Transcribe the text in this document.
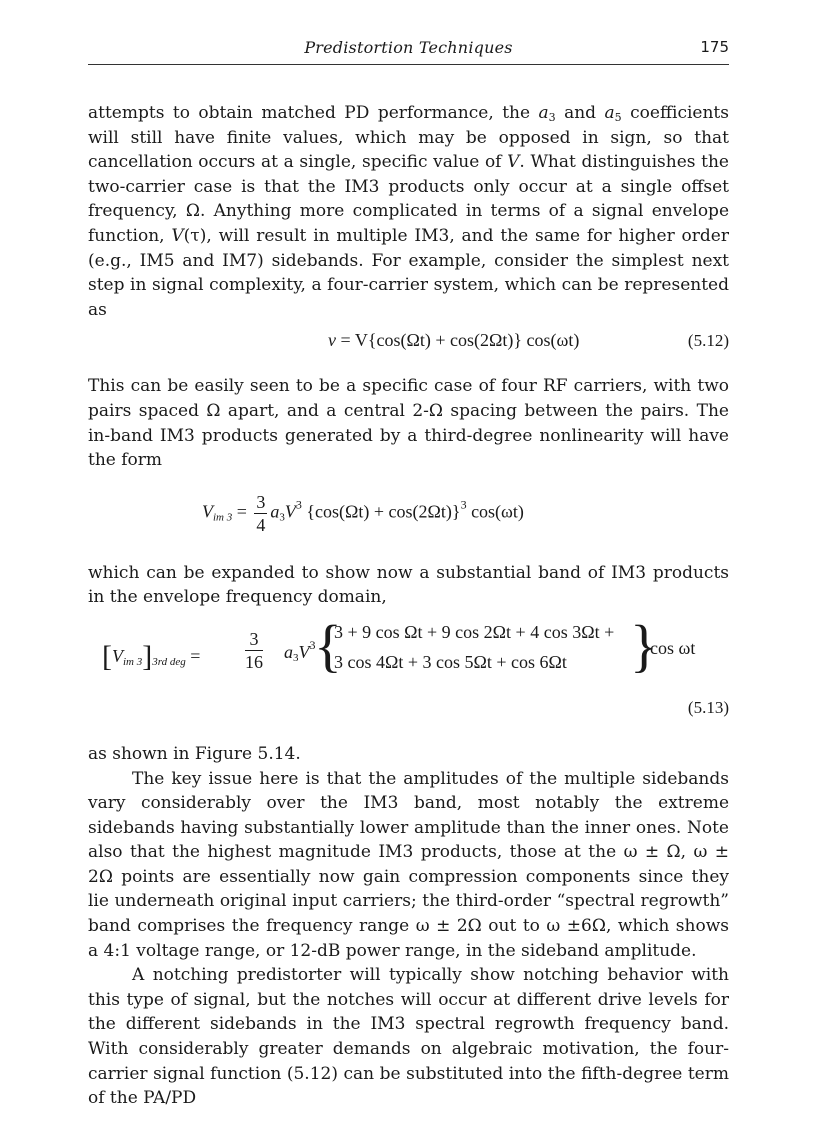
Predistortion Techniques	175

attempts to obtain matched PD performance, the $a_3$ and $a_5$ coefficients will still have finite values, which may be opposed in sign, so that cancellation occurs at a single, specific value of V. What distinguishes the two-carrier case is that the IM3 products only occur at a single offset frequency, Ω. Anything more complicated in terms of a signal envelope function, V(τ), will result in multiple IM3, and the same for higher order (e.g., IM5 and IM7) sidebands. For example, consider the simplest next step in signal complexity, a four-carrier system, which can be represented as

v = V{cos(Ωt) + cos(2Ωt)} cos(ωt)	(5.12)

This can be easily seen to be a specific case of four RF carriers, with two pairs spaced Ω apart, and a central 2-Ω spacing between the pairs. The in-band IM3 products generated by a third-degree nonlinearity will have the form

$V_{im 3} = \frac{3}{4} a_3V^3$ $\{\cos(\Omega t) + \cos(2\Omega t)\}^3$ cos(ωt)

which can be expanded to show now a substantial band of IM3 products in the envelope frequency domain,

$[V_{im 3}]_{3rd deg} = \frac{3}{16} a_3V^3$
{
3 + 9 cos Ωt + 9 cos 2Ωt + 4 cos 3Ωt +
3 cos 4Ωt + 3 cos 5Ωt + cos 6Ωt }
cos ωt
(5.13)

as shown in Figure 5.14.

The key issue here is that the amplitudes of the multiple sidebands vary considerably over the IM3 band, most notably the extreme sidebands having substantially lower amplitude than the inner ones. Note also that the highest magnitude IM3 products, those at the ω ± Ω, ω ± 2Ω points are essentially now gain compression components since they lie underneath original input carriers; the third-order “spectral regrowth” band comprises the frequency range ω ± 2Ω out to ω ±6Ω, which shows a 4:1 voltage range, or 12-dB power range, in the sideband amplitude.

A notching predistorter will typically show notching behavior with this type of signal, but the notches will occur at different drive levels for the different sidebands in the IM3 spectral regrowth frequency band. With considerably greater demands on algebraic motivation, the four-carrier signal function (5.12) can be substituted into the fifth-degree term of the PA/PD
